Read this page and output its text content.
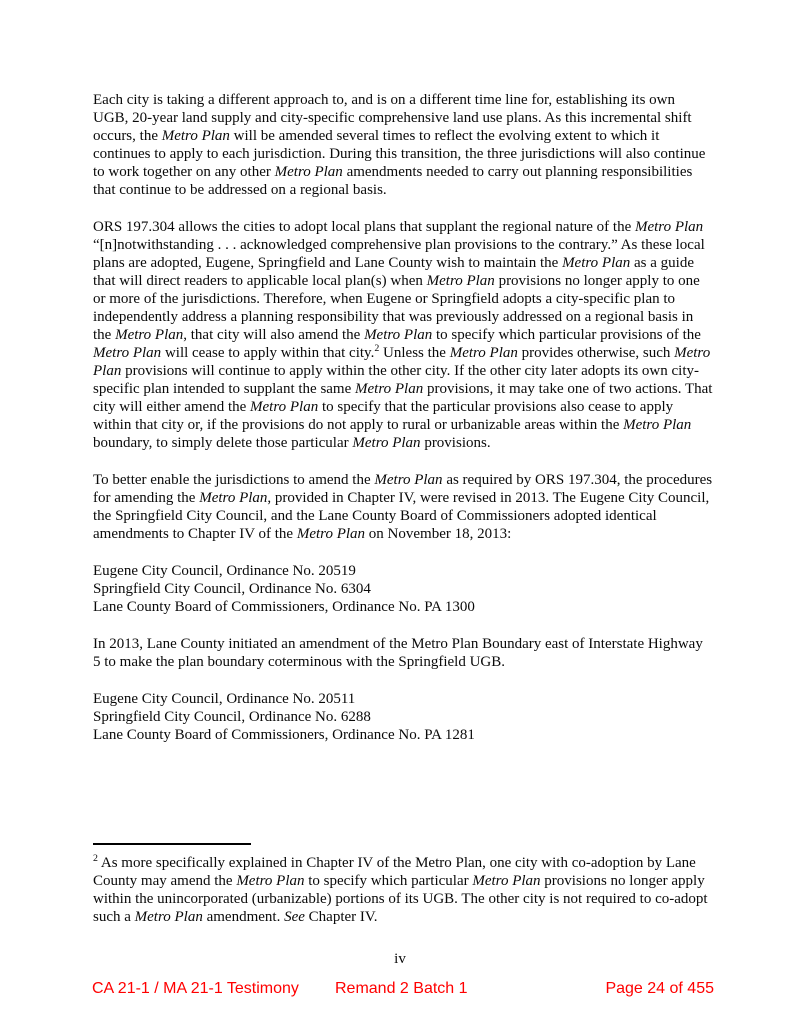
Each city is taking a different approach to, and is on a different time line for, establishing its own UGB, 20-year land supply and city-specific comprehensive land use plans. As this incremental shift occurs, the Metro Plan will be amended several times to reflect the evolving extent to which it continues to apply to each jurisdiction. During this transition, the three jurisdictions will also continue to work together on any other Metro Plan amendments needed to carry out planning responsibilities that continue to be addressed on a regional basis.

ORS 197.304 allows the cities to adopt local plans that supplant the regional nature of the Metro Plan “[n]notwithstanding . . . acknowledged comprehensive plan provisions to the contrary.” As these local plans are adopted, Eugene, Springfield and Lane County wish to maintain the Metro Plan as a guide that will direct readers to applicable local plan(s) when Metro Plan provisions no longer apply to one or more of the jurisdictions. Therefore, when Eugene or Springfield adopts a city-specific plan to independently address a planning responsibility that was previously addressed on a regional basis in the Metro Plan, that city will also amend the Metro Plan to specify which particular provisions of the Metro Plan will cease to apply within that city.$^2$ Unless the Metro Plan provides otherwise, such Metro Plan provisions will continue to apply within the other city. If the other city later adopts its own city-specific plan intended to supplant the same Metro Plan provisions, it may take one of two actions. That city will either amend the Metro Plan to specify that the particular provisions also cease to apply within that city or, if the provisions do not apply to rural or urbanizable areas within the Metro Plan boundary, to simply delete those particular Metro Plan provisions.

To better enable the jurisdictions to amend the Metro Plan as required by ORS 197.304, the procedures for amending the Metro Plan, provided in Chapter IV, were revised in 2013. The Eugene City Council, the Springfield City Council, and the Lane County Board of Commissioners adopted identical amendments to Chapter IV of the Metro Plan on November 18, 2013:

Eugene City Council, Ordinance No. 20519
Springfield City Council, Ordinance No. 6304
Lane County Board of Commissioners, Ordinance No. PA 1300

In 2013, Lane County initiated an amendment of the Metro Plan Boundary east of Interstate Highway 5 to make the plan boundary coterminous with the Springfield UGB.

Eugene City Council, Ordinance No. 20511
Springfield City Council, Ordinance No. 6288
Lane County Board of Commissioners, Ordinance No. PA 1281

$^2$ As more specifically explained in Chapter IV of the Metro Plan, one city with co-adoption by Lane County may amend the Metro Plan to specify which particular Metro Plan provisions no longer apply within the unincorporated (urbanizable) portions of its UGB. The other city is not required to co-adopt such a Metro Plan amendment. See Chapter IV.

iv
CA 21-1 / MA 21-1 Testimony Remand 2 Batch 1	Page 24 of 455
